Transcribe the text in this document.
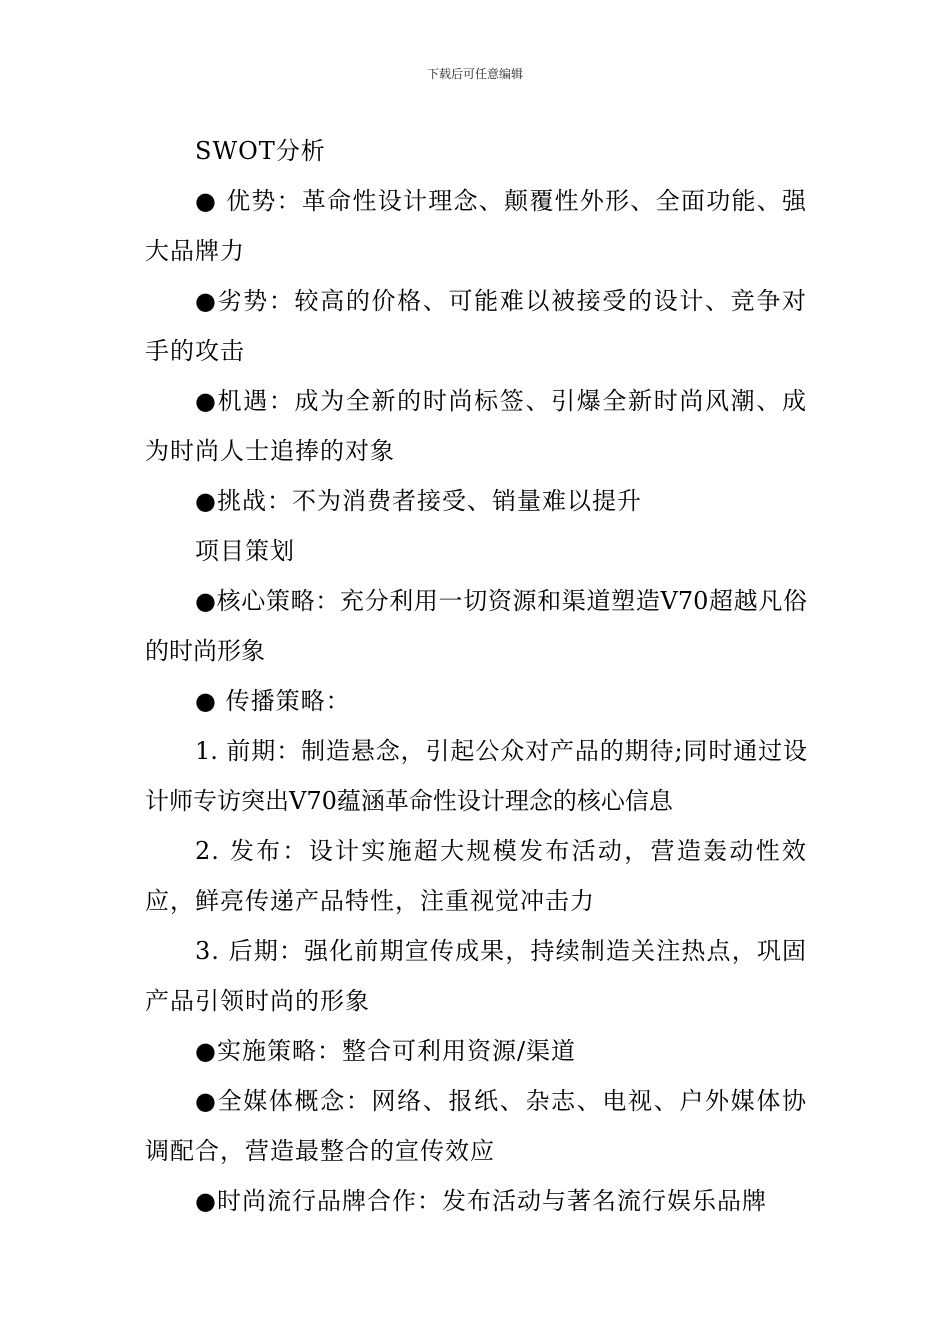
下载后可任意编辑

SWOT分析

● 优势：革命性设计理念、颠覆性外形、全面功能、强大品牌力

●劣势：较高的价格、可能难以被接受的设计、竞争对手的攻击

●机遇：成为全新的时尚标签、引爆全新时尚风潮、成为时尚人士追捧的对象

●挑战：不为消费者接受、销量难以提升

项目策划

●核心策略：充分利用一切资源和渠道塑造V70超越凡俗的时尚形象

● 传播策略：

1. 前期：制造悬念，引起公众对产品的期待;同时通过设计师专访突出V70蕴涵革命性设计理念的核心信息

2. 发布：设计实施超大规模发布活动，营造轰动性效应，鲜亮传递产品特性，注重视觉冲击力

3. 后期：强化前期宣传成果，持续制造关注热点，巩固产品引领时尚的形象

●实施策略：整合可利用资源/渠道

●全媒体概念：网络、报纸、杂志、电视、户外媒体协调配合，营造最整合的宣传效应

●时尚流行品牌合作：发布活动与著名流行娱乐品牌
